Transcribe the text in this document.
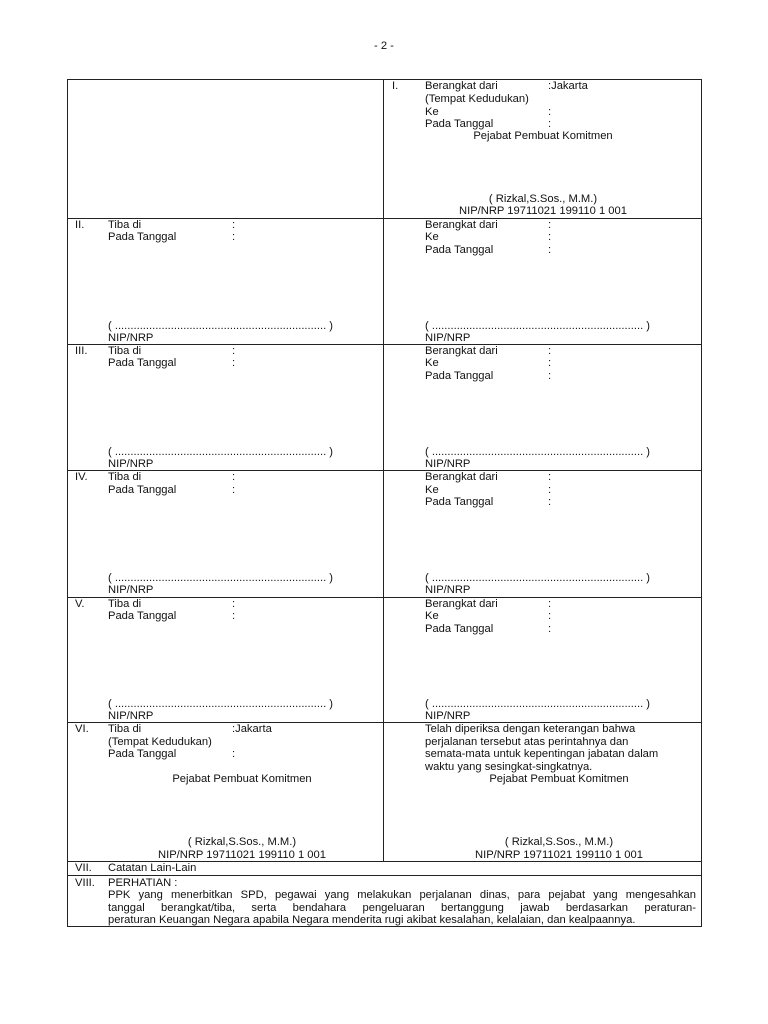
- 2 -
I. Berangkat dari	:Jakarta
(Tempat Kedudukan)
Ke	:
Pada Tanggal	:
Pejabat Pembuat Komitmen
( Rizkal,S.Sos., M.M.)
NIP/NRP 19711021 199110 1 001
II. Tiba di	:
Pada Tanggal	:
( .................................................................... )
NIP/NRP
Berangkat dari	:
Ke	:
Pada Tanggal	:
( .................................................................... )
NIP/NRP
III. Tiba di	:
Pada Tanggal	:
( .................................................................... )
NIP/NRP
Berangkat dari	:
Ke	:
Pada Tanggal	:
( .................................................................... )
NIP/NRP
IV. Tiba di	:
Pada Tanggal	:
( .................................................................... )
NIP/NRP
Berangkat dari	:
Ke	:
Pada Tanggal	:
( .................................................................... )
NIP/NRP
V. Tiba di	:
Pada Tanggal	:
( .................................................................... )
NIP/NRP
Berangkat dari	:
Ke	:
Pada Tanggal	:
( .................................................................... )
NIP/NRP
VI. Tiba di	:Jakarta
(Tempat Kedudukan)
Pada Tanggal	:
Pejabat Pembuat Komitmen
( Rizkal,S.Sos., M.M.)
NIP/NRP 19711021 199110 1 001
Telah diperiksa dengan keterangan bahwa
perjalanan tersebut atas perintahnya dan
semata-mata untuk kepentingan jabatan dalam
waktu yang sesingkat-singkatnya.
Pejabat Pembuat Komitmen
( Rizkal,S.Sos., M.M.)
NIP/NRP 19711021 199110 1 001
VII. Catatan Lain-Lain
VIII. PERHATIAN :
PPK yang menerbitkan SPD, pegawai yang melakukan perjalanan dinas, para pejabat yang mengesahkan
tanggal berangkat/tiba, serta bendahara pengeluaran bertanggung jawab berdasarkan peraturan-
peraturan Keuangan Negara apabila Negara menderita rugi akibat kesalahan, kelalaian, dan kealpaannya.
